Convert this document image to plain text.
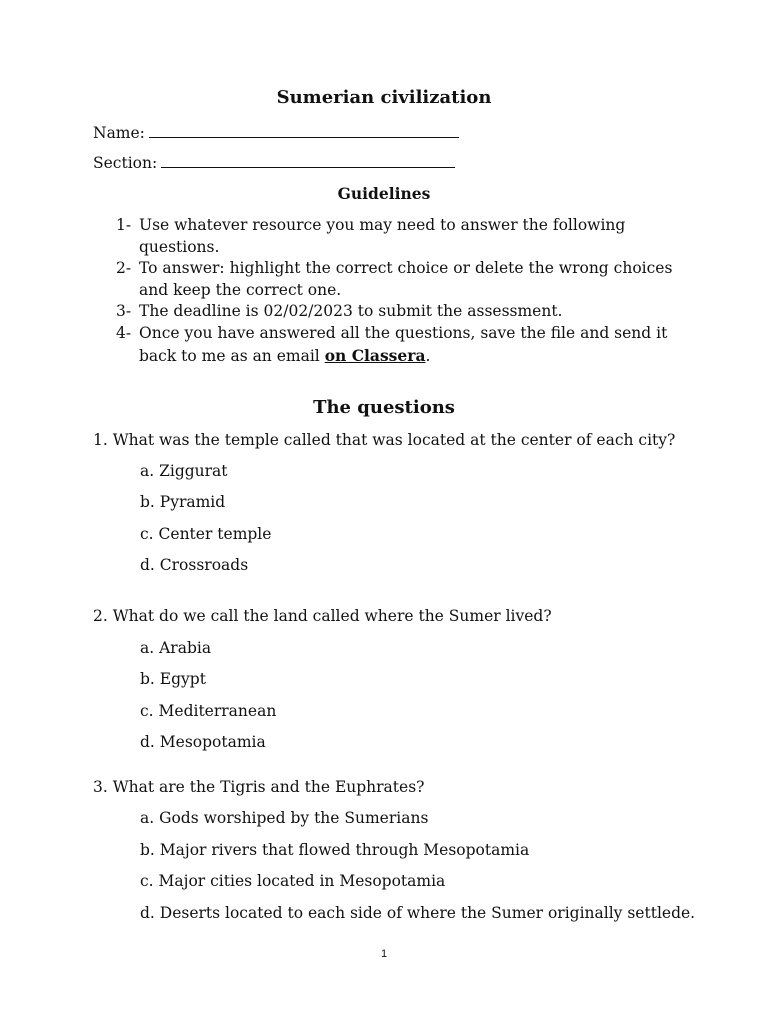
Sumerian civilization
Name:
Section:
Guidelines
1- Use whatever resource you may need to answer the following questions.
2- To answer: highlight the correct choice or delete the wrong choices and keep the correct one.
3- The deadline is 02/02/2023 to submit the assessment.
4- Once you have answered all the questions, save the file and send it back to me as an email on Classera.
The questions
1. What was the temple called that was located at the center of each city?
a. Ziggurat
b. Pyramid
c. Center temple
d. Crossroads
2. What do we call the land called where the Sumer lived?
a. Arabia
b. Egypt
c. Mediterranean
d. Mesopotamia
3. What are the Tigris and the Euphrates?
a. Gods worshiped by the Sumerians
b. Major rivers that flowed through Mesopotamia
c. Major cities located in Mesopotamia
d. Deserts located to each side of where the Sumer originally settlede.
1
